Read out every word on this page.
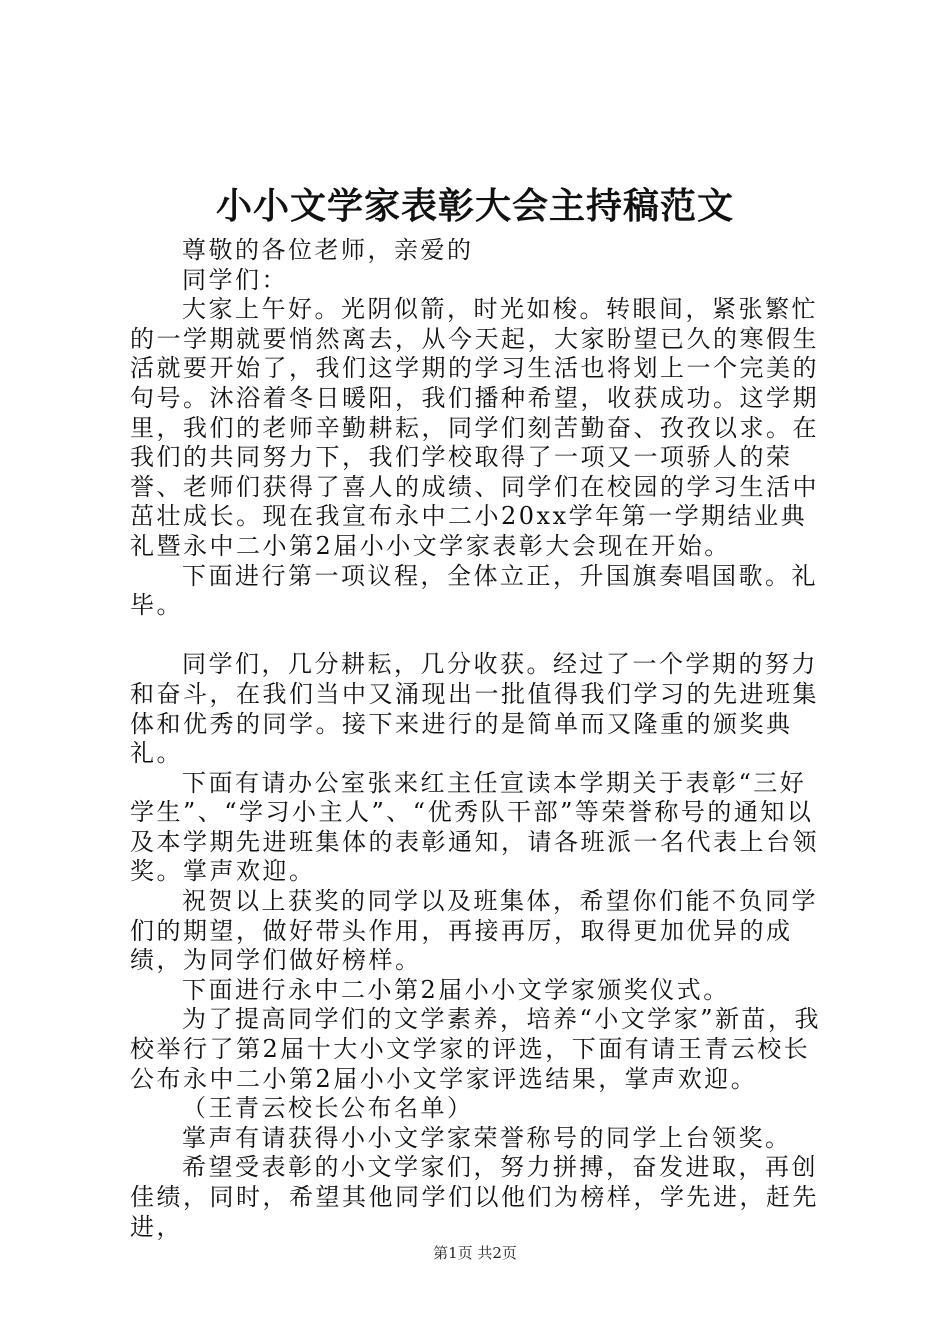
小小文学家表彰大会主持稿范文

尊敬的各位老师，亲爱的

同学们：

大家上午好。光阴似箭，时光如梭。转眼间，紧张繁忙的一学期就要悄然离去，从今天起，大家盼望已久的寒假生活就要开始了，我们这学期的学习生活也将划上一个完美的句号。沐浴着冬日暖阳，我们播种希望，收获成功。这学期里，我们的老师辛勤耕耘，同学们刻苦勤奋、孜孜以求。在我们的共同努力下，我们学校取得了一项又一项骄人的荣誉、老师们获得了喜人的成绩、同学们在校园的学习生活中茁壮成长。现在我宣布永中二小20xx学年第一学期结业典礼暨永中二小第2届小小文学家表彰大会现在开始。

下面进行第一项议程，全体立正，升国旗奏唱国歌。礼毕。

同学们，几分耕耘，几分收获。经过了一个学期的努力和奋斗，在我们当中又涌现出一批值得我们学习的先进班集体和优秀的同学。接下来进行的是简单而又隆重的颁奖典礼。

下面有请办公室张来红主任宣读本学期关于表彰“三好学生”、“学习小主人”、“优秀队干部”等荣誉称号的通知以及本学期先进班集体的表彰通知，请各班派一名代表上台领奖。掌声欢迎。

祝贺以上获奖的同学以及班集体，希望你们能不负同学们的期望，做好带头作用，再接再厉，取得更加优异的成绩，为同学们做好榜样。

下面进行永中二小第2届小小文学家颁奖仪式。

为了提高同学们的文学素养，培养“小文学家”新苗，我校举行了第2届十大小文学家的评选，下面有请王青云校长公布永中二小第2届小小文学家评选结果，掌声欢迎。

（王青云校长公布名单）

掌声有请获得小小文学家荣誉称号的同学上台领奖。

希望受表彰的小文学家们，努力拼搏，奋发进取，再创佳绩，同时，希望其他同学们以他们为榜样，学先进，赶先进，

第1页 共2页
